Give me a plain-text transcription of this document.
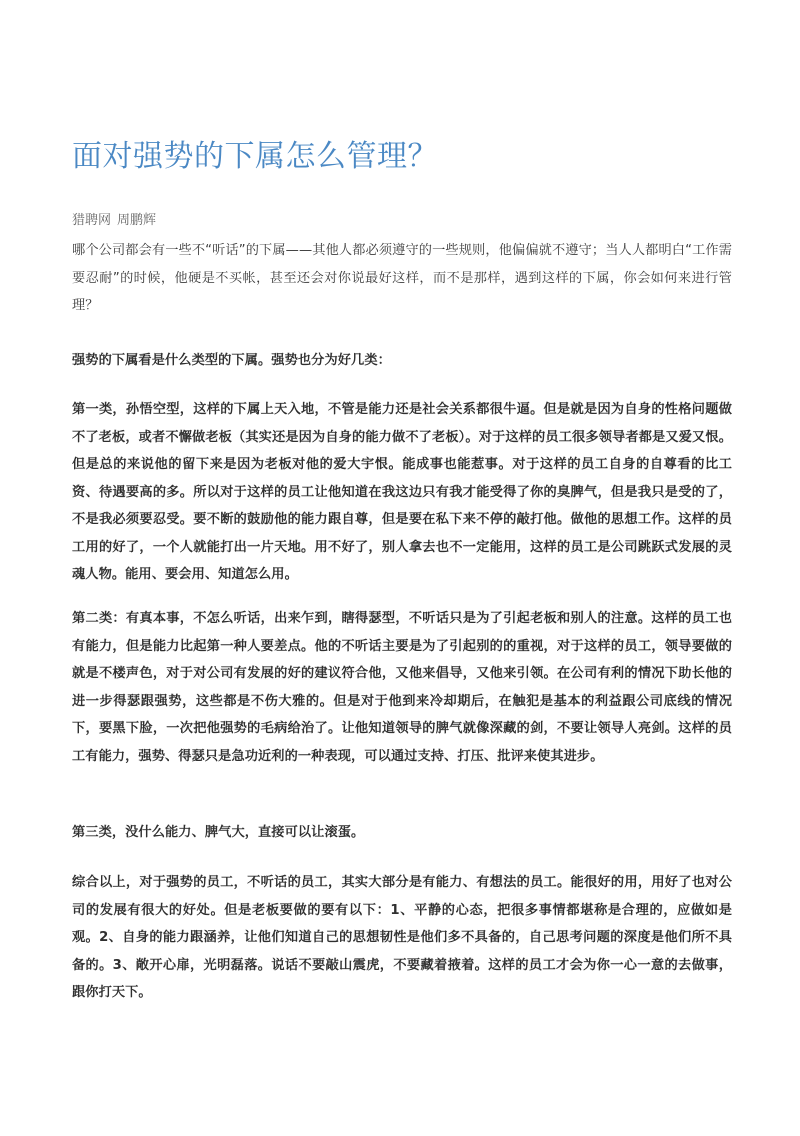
面对强势的下属怎么管理？
猎聘网 周鹏辉

哪个公司都会有一些不“听话”的下属——其他人都必须遵守的一些规则，他偏偏就不遵守；当人人都明白“工作需要忍耐”的时候，他硬是不买帐，甚至还会对你说最好这样，而不是那样，遇到这样的下属，你会如何来进行管理？

强势的下属看是什么类型的下属。强势也分为好几类：

第一类，孙悟空型，这样的下属上天入地，不管是能力还是社会关系都很牛逼。但是就是因为自身的性格问题做不了老板，或者不懈做老板（其实还是因为自身的能力做不了老板）。对于这样的员工很多领导者都是又爱又恨。但是总的来说他的留下来是因为老板对他的爱大宇恨。能成事也能惹事。对于这样的员工自身的自尊看的比工资、待遇要高的多。所以对于这样的员工让他知道在我这边只有我才能受得了你的臭脾气，但是我只是受的了，不是我必须要忍受。要不断的鼓励他的能力跟自尊，但是要在私下来不停的敲打他。做他的思想工作。这样的员工用的好了，一个人就能打出一片天地。用不好了，别人拿去也不一定能用，这样的员工是公司跳跃式发展的灵魂人物。能用、要会用、知道怎么用。

第二类：有真本事，不怎么听话，出来乍到，瞎得瑟型，不听话只是为了引起老板和别人的注意。这样的员工也有能力，但是能力比起第一种人要差点。他的不听话主要是为了引起别的的重视，对于这样的员工，领导要做的就是不楼声色，对于对公司有发展的好的建议符合他，又他来倡导，又他来引领。在公司有利的情况下助长他的进一步得瑟跟强势，这些都是不伤大雅的。但是对于他到来冷却期后，在触犯是基本的利益跟公司底线的情况下，要黑下脸，一次把他强势的毛病给治了。让他知道领导的脾气就像深藏的剑，不要让领导人亮剑。这样的员工有能力，强势、得瑟只是急功近利的一种表现，可以通过支持、打压、批评来使其进步。

第三类，没什么能力、脾气大，直接可以让滚蛋。

综合以上，对于强势的员工，不听话的员工，其实大部分是有能力、有想法的员工。能很好的用，用好了也对公司的发展有很大的好处。但是老板要做的要有以下：1、平静的心态，把很多事情都堪称是合理的，应做如是观。2、自身的能力跟涵养，让他们知道自己的思想韧性是他们多不具备的，自己思考问题的深度是他们所不具备的。3、敞开心扉，光明磊落。说话不要敲山震虎，不要藏着掖着。这样的员工才会为你一心一意的去做事，跟你打天下。
